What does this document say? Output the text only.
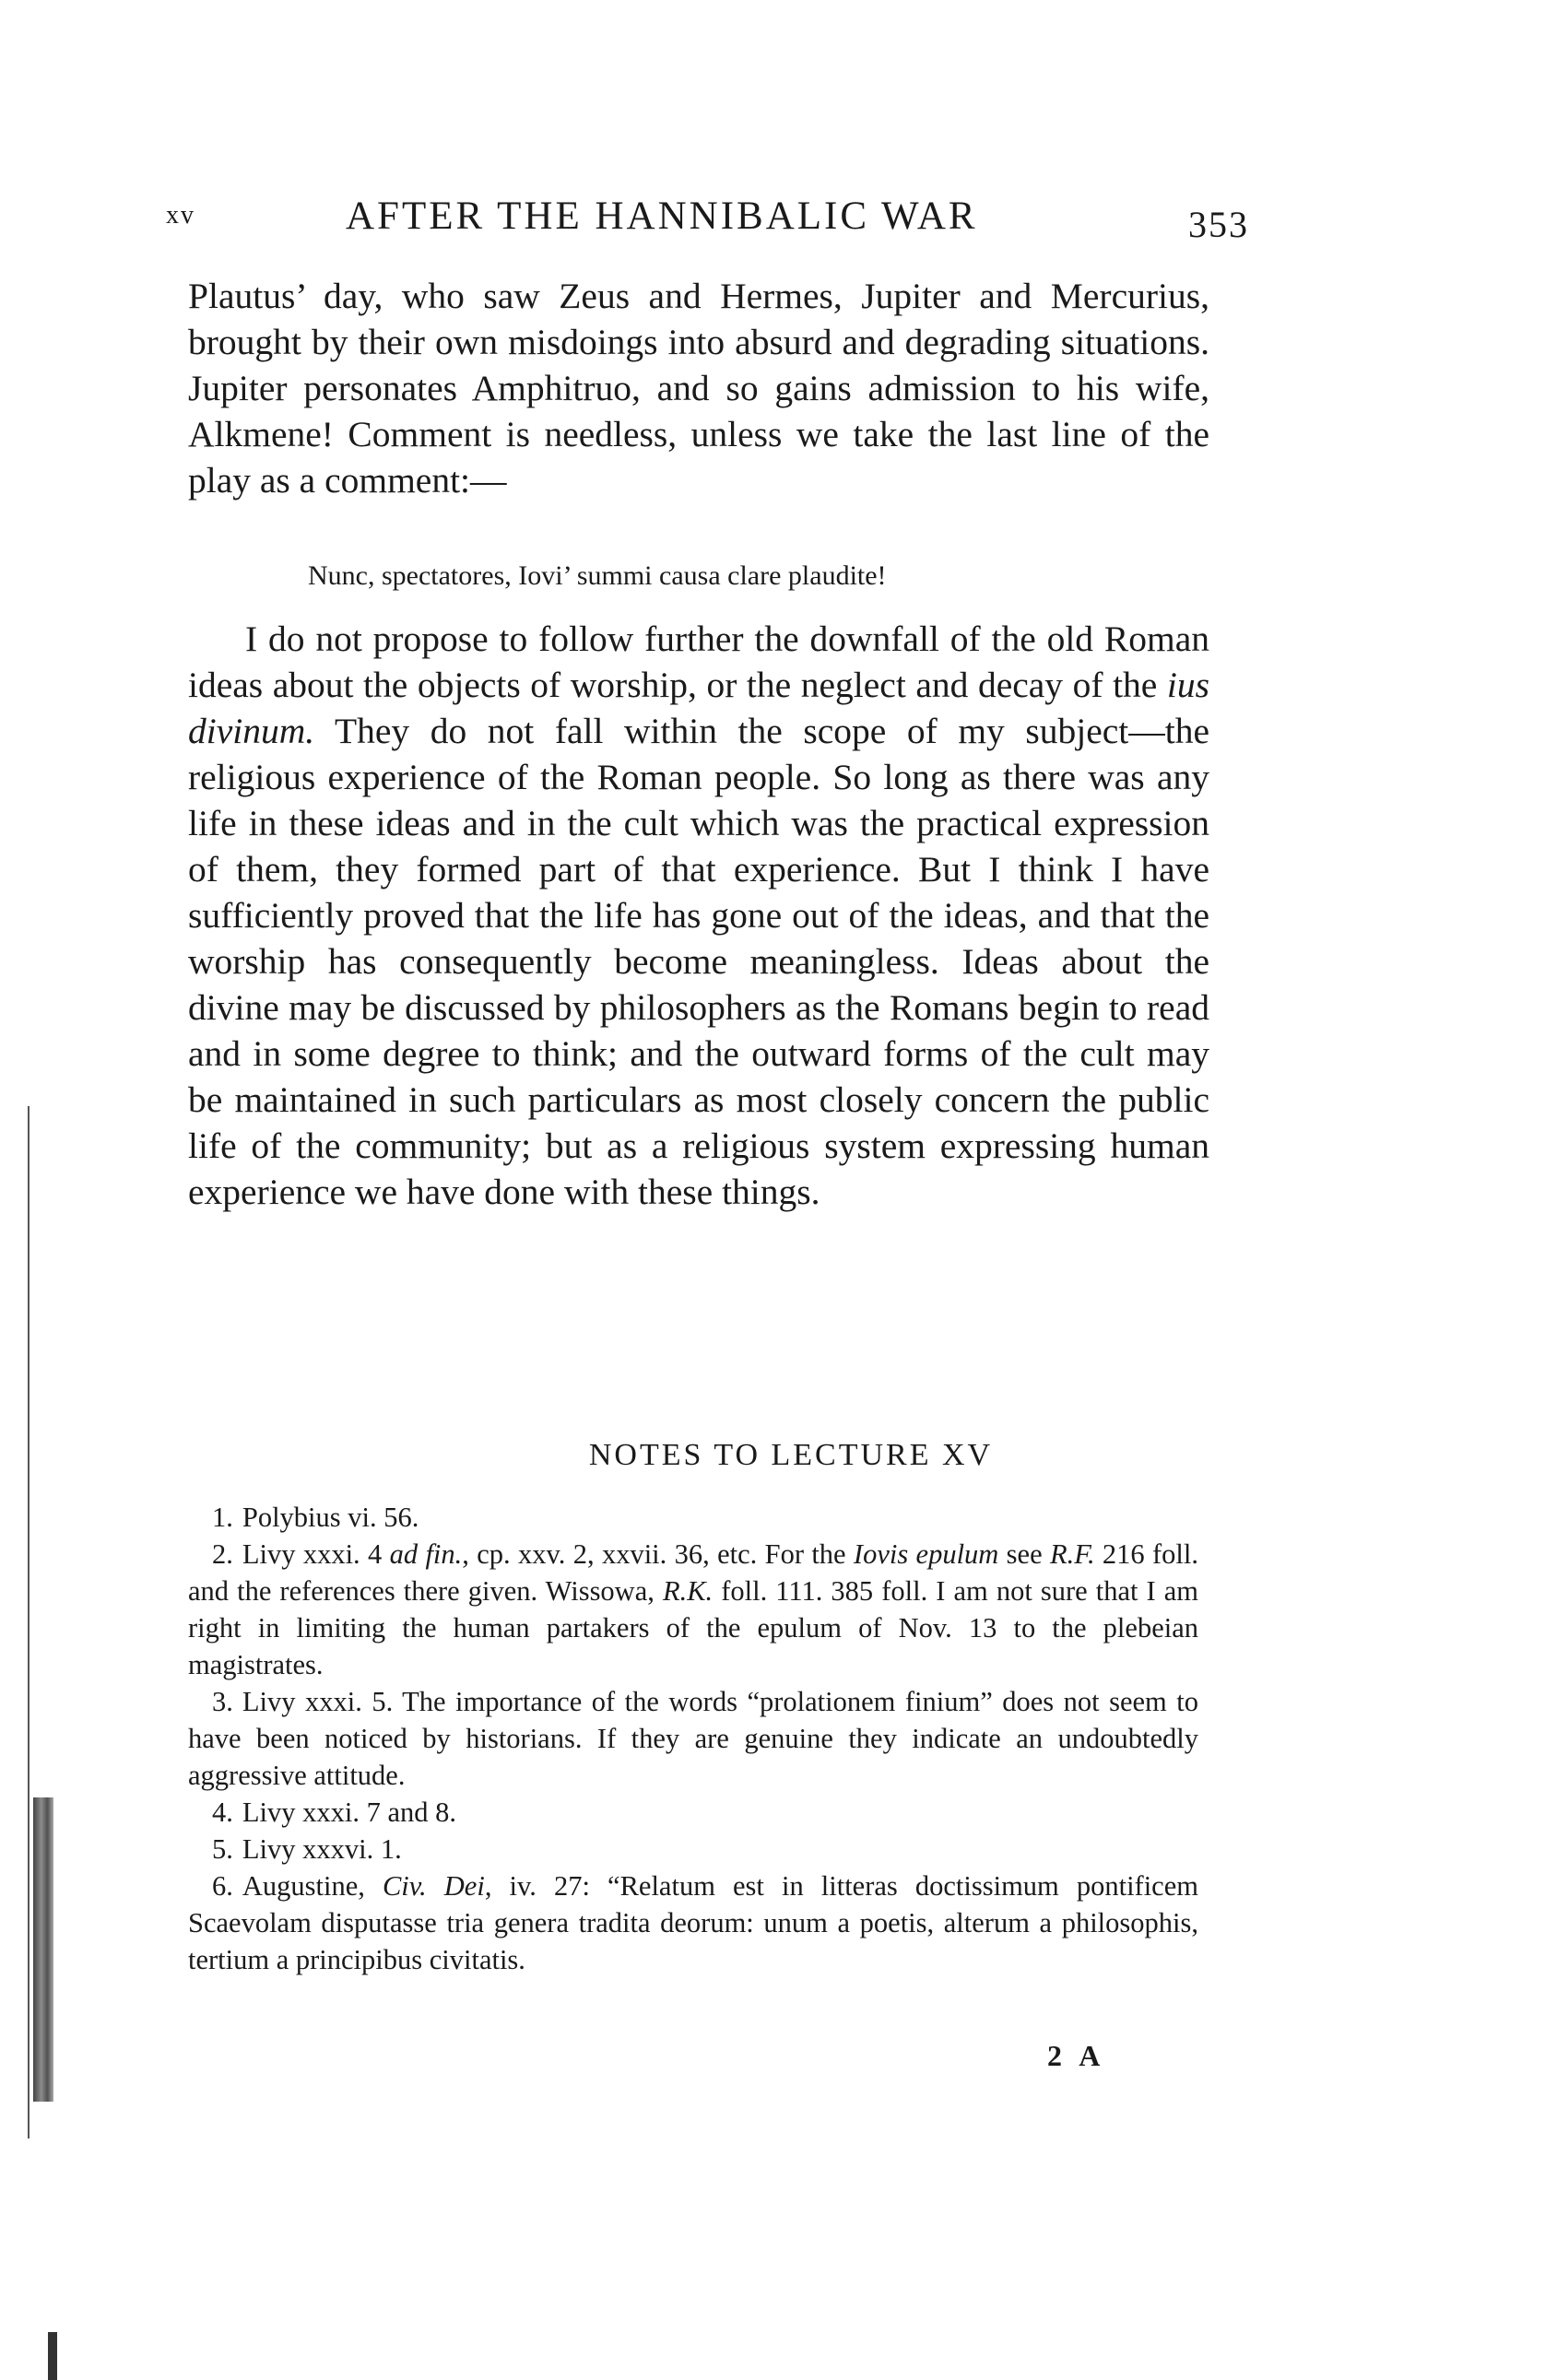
xv	AFTER THE HANNIBALIC WAR	353

Plautus’ day, who saw Zeus and Hermes, Jupiter and Mercurius, brought by their own misdoings into absurd and degrading situations. Jupiter personates Amphitruo, and so gains admission to his wife, Alkmene! Comment is needless, unless we take the last line of the play as a comment:—

Nunc, spectatores, Iovi’ summi causa clare plaudite!

I do not propose to follow further the downfall of the old Roman ideas about the objects of worship, or the neglect and decay of the ius divinum. They do not fall within the scope of my subject—the religious experience of the Roman people. So long as there was any life in these ideas and in the cult which was the practical expression of them, they formed part of that experience. But I think I have sufficiently proved that the life has gone out of the ideas, and that the worship has consequently become meaningless. Ideas about the divine may be discussed by philosophers as the Romans begin to read and in some degree to think; and the outward forms of the cult may be maintained in such particulars as most closely concern the public life of the community; but as a religious system expressing human experience we have done with these things.

NOTES TO LECTURE XV
1. Polybius vi. 56.
2. Livy xxxi. 4 ad fin., cp. xxv. 2, xxvii. 36, etc. For the Iovis epulum see R.F. 216 foll. and the references there given. Wissowa, R.K. foll. 111. 385 foll. I am not sure that I am right in limiting the human partakers of the epulum of Nov. 13 to the plebeian magistrates.
3. Livy xxxi. 5. The importance of the words “prolationem finium” does not seem to have been noticed by historians. If they are genuine they indicate an undoubtedly aggressive attitude.
4. Livy xxxi. 7 and 8.
5. Livy xxxvi. 1.
6. Augustine, Civ. Dei, iv. 27: “Relatum est in litteras doctissimum pontificem Scaevolam disputasse tria genera tradita deorum: unum a poetis, alterum a philosophis, tertium a principibus civitatis.
2 A
